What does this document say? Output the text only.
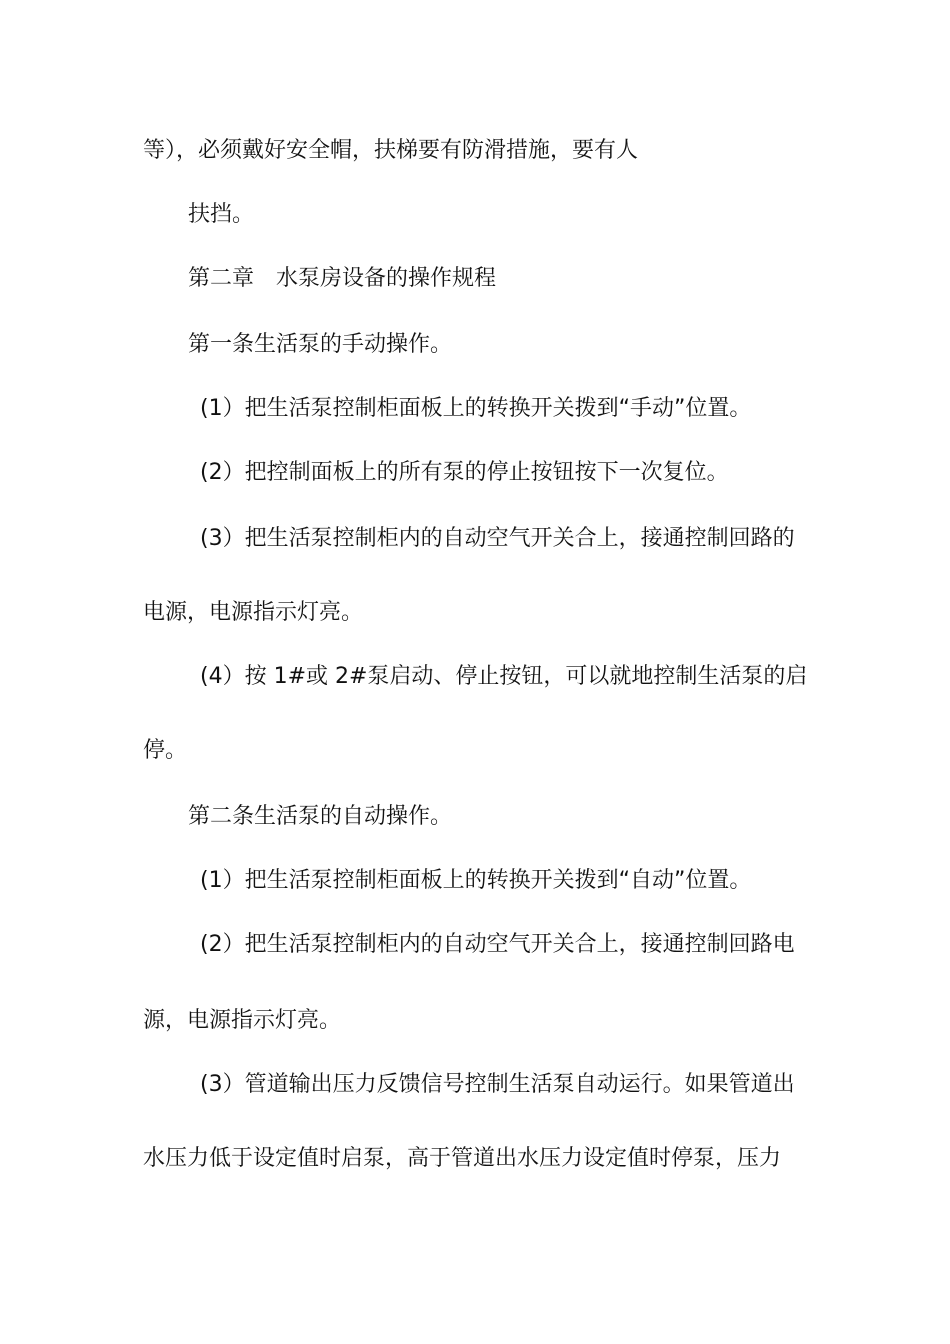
等），必须戴好安全帽，扶梯要有防滑措施，要有人

扶挡。

第二章 水泵房设备的操作规程

第一条生活泵的手动操作。

(1）把生活泵控制柜面板上的转换开关拨到“手动”位置。

(2）把控制面板上的所有泵的停止按钮按下一次复位。

(3）把生活泵控制柜内的自动空气开关合上，接通控制回路的

电源，电源指示灯亮。

(4）按 1#或 2#泵启动、停止按钮，可以就地控制生活泵的启

停。

第二条生活泵的自动操作。

(1）把生活泵控制柜面板上的转换开关拨到“自动”位置。

(2）把生活泵控制柜内的自动空气开关合上，接通控制回路电

源，电源指示灯亮。

(3）管道输出压力反馈信号控制生活泵自动运行。如果管道出

水压力低于设定值时启泵，高于管道出水压力设定值时停泵，压力
